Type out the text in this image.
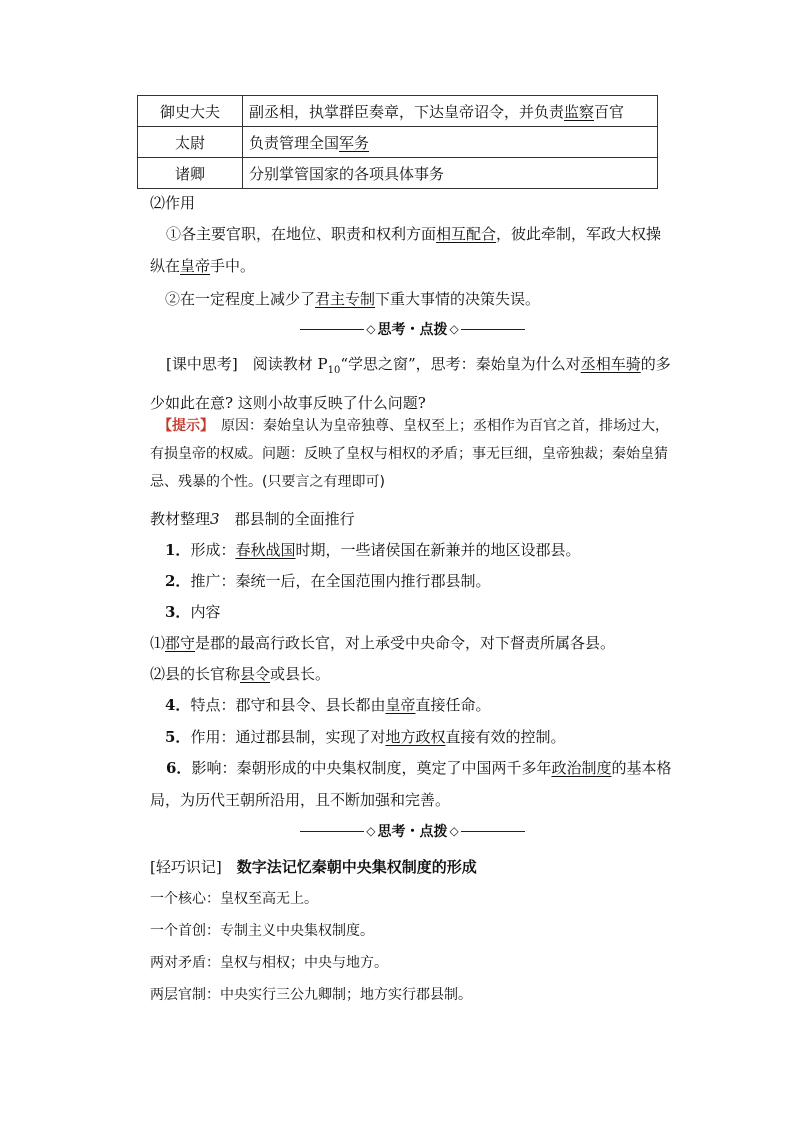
御史大夫	副丞相，执掌群臣奏章，下达皇帝诏令，并负责监察百官
太尉	负责管理全国军务
诸卿	分别掌管国家的各项具体事务
⑵作用
①各主要官职，在地位、职责和权利方面相互配合，彼此牵制，军政大权操纵在皇帝手中。
②在一定程度上减少了君主专制下重大事情的决策失误。
◇ 思考・点拨 ◇
[课中思考]　 阅读教材 $P_{10}“$学思之窗”，思考：秦始皇为什么对丞相车骑的多少如此在意? 这则小故事反映了什么问题?
【提示】　 原因：秦始皇认为皇帝独尊、皇权至上；丞相作为百官之首，排场过大，有损皇帝的权威。问题：反映了皇权与相权的矛盾；事无巨细，皇帝独裁；秦始皇猜忌、残暴的个性。(只要言之有理即可)
教材整理3　 郡县制的全面推行
1．形成：春秋战国时期，一些诸侯国在新兼并的地区设郡县。
2．推广：秦统一后，在全国范围内推行郡县制。
3．内容
⑴郡守是郡的最高行政长官，对上承受中央命令，对下督责所属各县。
⑵县的长官称县令或县长。
4．特点：郡守和县令、县长都由皇帝直接任命。
5．作用：通过郡县制，实现了对地方政权直接有效的控制。
6．影响：秦朝形成的中央集权制度，奠定了中国两千多年政治制度的基本格局，为历代王朝所沿用，且不断加强和完善。
◇ 思考・点拨 ◇
[轻巧识记]　 数字法记忆秦朝中央集权制度的形成
一个核心：皇权至高无上。
一个首创：专制主义中央集权制度。
两对矛盾：皇权与相权；中央与地方。
两层官制：中央实行三公九卿制；地方实行郡县制。
